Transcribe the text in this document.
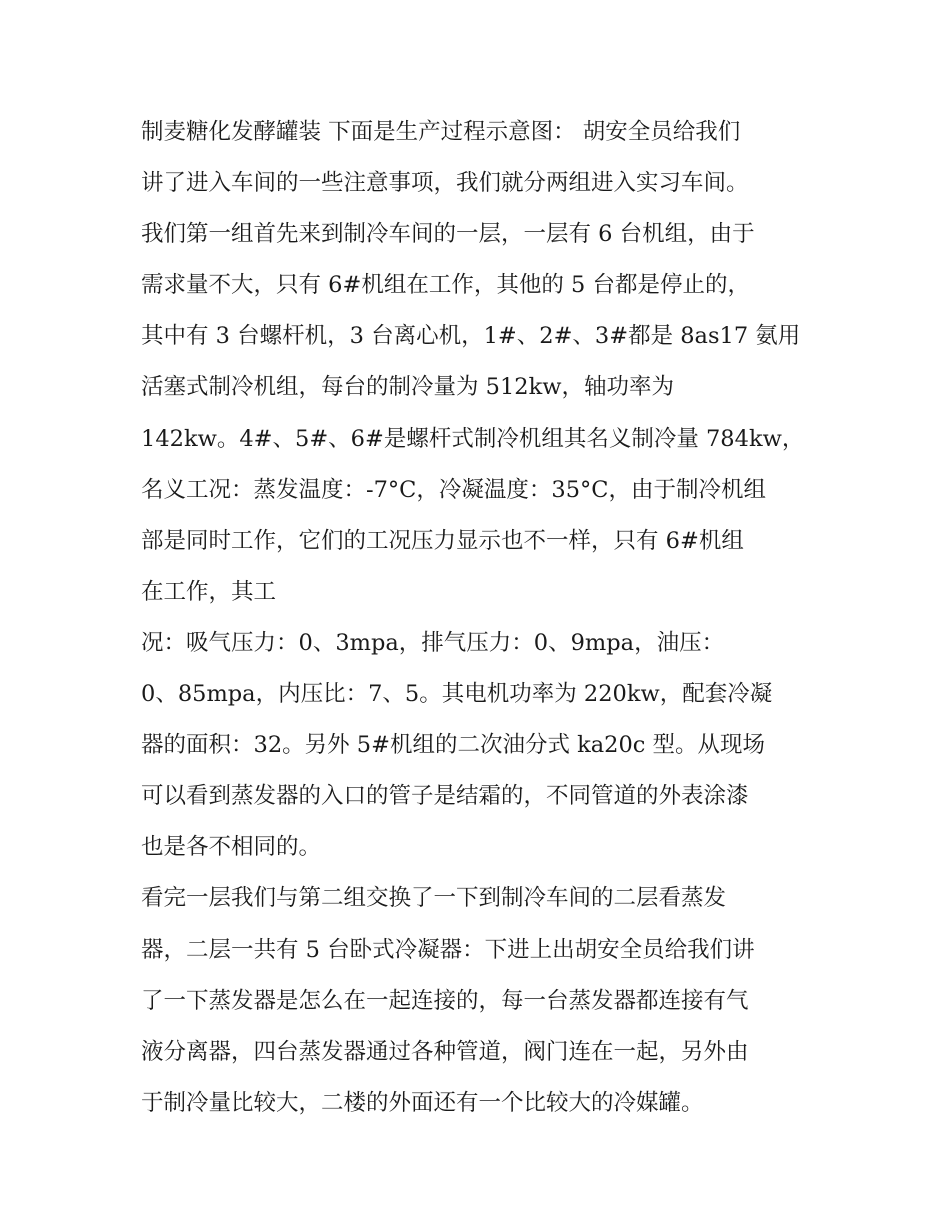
制麦糖化发酵罐装 下面是生产过程示意图： 胡安全员给我们
讲了进入车间的一些注意事项，我们就分两组进入实习车间。
我们第一组首先来到制冷车间的一层，一层有 6 台机组，由于
需求量不大，只有 6#机组在工作，其他的 5 台都是停止的，
其中有 3 台螺杆机，3 台离心机，1#、2#、3#都是 8as17 氨用
活塞式制冷机组，每台的制冷量为 512kw，轴功率为
142kw。4#、5#、6#是螺杆式制冷机组其名义制冷量 784kw，
名义工况：蒸发温度：-7°C，冷凝温度：35°C，由于制冷机组
部是同时工作，它们的工况压力显示也不一样，只有 6#机组
在工作，其工
况：吸气压力：0、3mpa，排气压力：0、9mpa，油压：
0、85mpa，内压比：7、5。其电机功率为 220kw，配套冷凝
器的面积：32。另外 5#机组的二次油分式 ka20c 型。从现场
可以看到蒸发器的入口的管子是结霜的，不同管道的外表涂漆
也是各不相同的。
看完一层我们与第二组交换了一下到制冷车间的二层看蒸发
器，二层一共有 5 台卧式冷凝器：下进上出胡安全员给我们讲
了一下蒸发器是怎么在一起连接的，每一台蒸发器都连接有气
液分离器，四台蒸发器通过各种管道，阀门连在一起，另外由
于制冷量比较大，二楼的外面还有一个比较大的冷媒罐。
